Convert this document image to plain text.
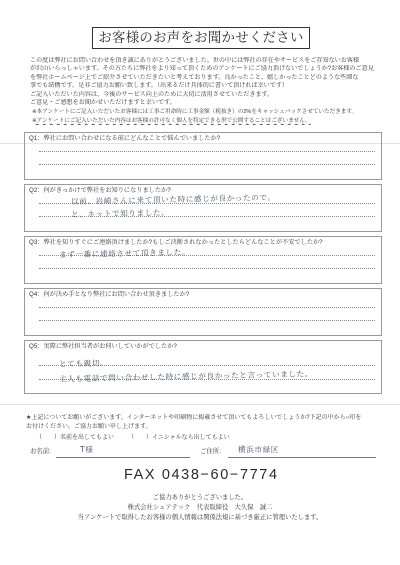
お客様のお声をお聞かせください
この度は弊社にお問い合わせを頂き誠にありがとうございました。世の中には弊社の存在やサービスをご存知ないお客様
が沢山いらっしゃいます。その方たちに弊社をより知って頂くためのアンケートにご協力頂けないでしょうか?お客様のご意見
を弊社ホームページ上でご紹介させていただきたいと考えております。良かったこと、嬉しかったことどのような些細な
事でも結構です。是非ご協力お願い致します。（出来るだけ具体的に書いて頂ければ幸いです）
ご記入いただいた内容は、今後のサービス向上のために大切に活用させていただきます。
ご意見・ご感想をお聞かせいただけますと幸いです。
※本アンケートにご記入いただいたお客様には工事ご用命時に工事金額（税抜き）の2%をキャッシュバックさせていただきます。
※アンケートにご記入いただいた内容はお客様の許可なく個人を特定できる形で公開することはございません。
Q1：弊社にお問い合わせになる前にどんなことで悩んでいましたか?
Q2：何がきっかけで弊社をお知りになりましたか?
以前、岩崎さんに来て頂いた時に感じが良かったので。
と、ネットで知りました。
Q3：弊社を知りすぐにご連絡頂けましたか?もしご決断されなかったとしたらどんなことが不安でしたか?
まず一番に連絡させて頂きました。
Q4：何が決め手となり弊社にお問い合わせ頂きましたか?
Q5：実際に弊社担当者がお伺いしていかがでしたか?
とても親切。
主人も電話で問い合わせした時に感じが良かったと言っていました。
★上記についてお願いがございます。インターネットや印刷物に掲載させて頂いてもよろしいでしょうか?下記の中から○印を
お付けください。ご協力お願い申し上げます。
（　　）名前を出してもよい （　　）イニシャルなら出してもよい
お名前:	T様	ご住所: 横浜市緑区
FAX 0438−60−7774
ご協力ありがとうございました。
株式会社シェアテック　代表取締役　大久保　誠二
当アンケートで取得したお客様の個人情報は関係法規に基づき厳正に管理いたします。
